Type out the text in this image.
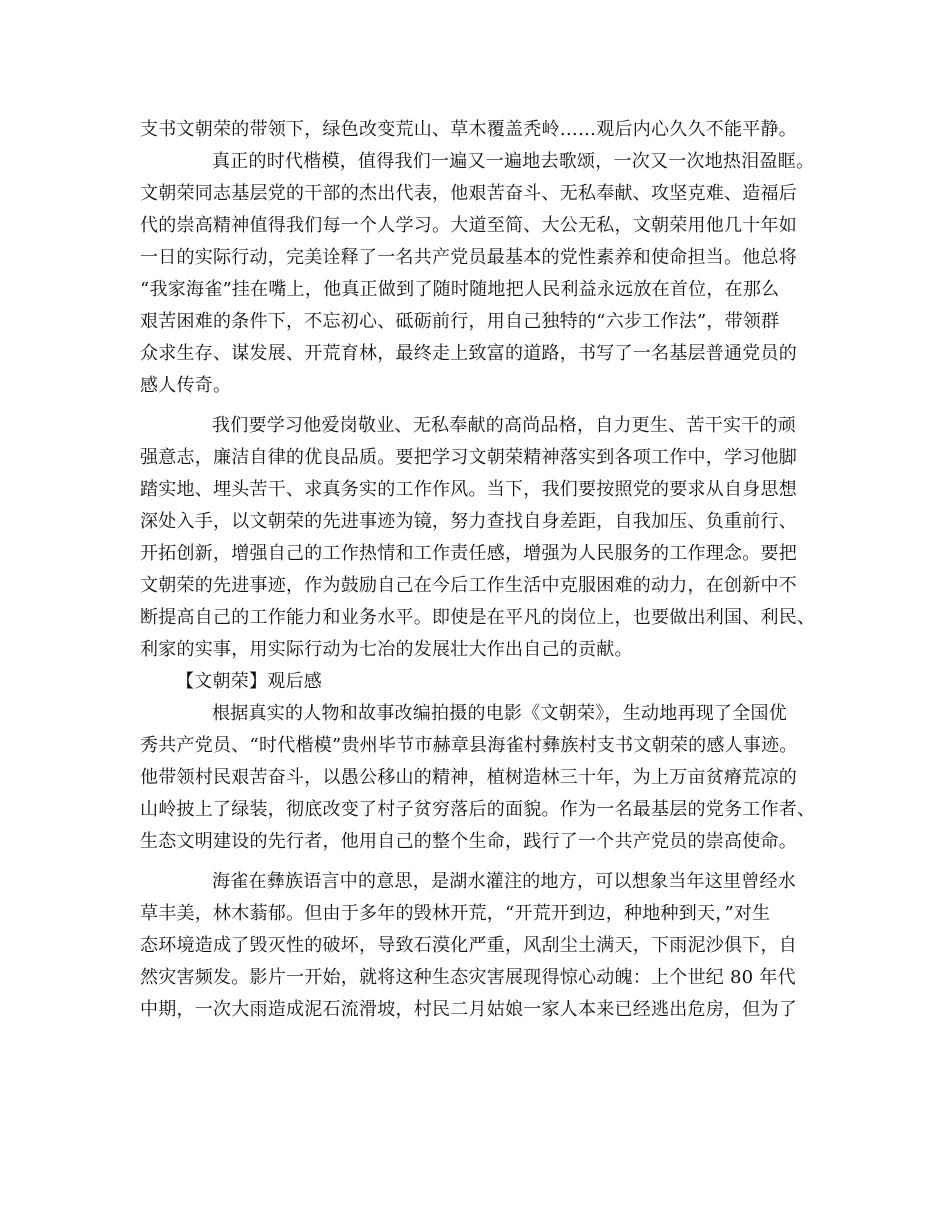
支书文朝荣的带领下，绿色改变荒山、草木覆盖秃岭……观后内心久久不能平静。
真正的时代楷模，值得我们一遍又一遍地去歌颂，一次又一次地热泪盈眶。
文朝荣同志基层党的干部的杰出代表，他艰苦奋斗、无私奉献、攻坚克难、造福后
代的崇高精神值得我们每一个人学习。大道至简、大公无私，文朝荣用他几十年如
一日的实际行动，完美诠释了一名共产党员最基本的党性素养和使命担当。他总将
“我家海雀”挂在嘴上，他真正做到了随时随地把人民利益永远放在首位，在那么
艰苦困难的条件下，不忘初心、砥砺前行，用自己独特的“六步工作法”，带领群
众求生存、谋发展、开荒育林，最终走上致富的道路，书写了一名基层普通党员的
感人传奇。
我们要学习他爱岗敬业、无私奉献的高尚品格，自力更生、苦干实干的顽
强意志，廉洁自律的优良品质。要把学习文朝荣精神落实到各项工作中，学习他脚
踏实地、埋头苦干、求真务实的工作作风。当下，我们要按照党的要求从自身思想
深处入手，以文朝荣的先进事迹为镜，努力查找自身差距，自我加压、负重前行、
开拓创新，增强自己的工作热情和工作责任感，增强为人民服务的工作理念。要把
文朝荣的先进事迹，作为鼓励自己在今后工作生活中克服困难的动力，在创新中不
断提高自己的工作能力和业务水平。即使是在平凡的岗位上，也要做出利国、利民、
利家的实事，用实际行动为七冶的发展壮大作出自己的贡献。
【文朝荣】观后感
根据真实的人物和故事改编拍摄的电影《文朝荣》，生动地再现了全国优
秀共产党员、“时代楷模”贵州毕节市赫章县海雀村彝族村支书文朝荣的感人事迹。
他带领村民艰苦奋斗，以愚公移山的精神，植树造林三十年，为上万亩贫瘠荒凉的
山岭披上了绿装，彻底改变了村子贫穷落后的面貌。作为一名最基层的党务工作者、
生态文明建设的先行者，他用自己的整个生命，践行了一个共产党员的崇高使命。
海雀在彝族语言中的意思，是湖水灌注的地方，可以想象当年这里曾经水
草丰美，林木蓊郁。但由于多年的毁林开荒，“开荒开到边，种地种到天，”对生
态环境造成了毁灭性的破坏，导致石漠化严重，风刮尘土满天，下雨泥沙俱下，自
然灾害频发。影片一开始，就将这种生态灾害展现得惊心动魄：上个世纪 80 年代
中期，一次大雨造成泥石流滑坡，村民二月姑娘一家人本来已经逃出危房，但为了
